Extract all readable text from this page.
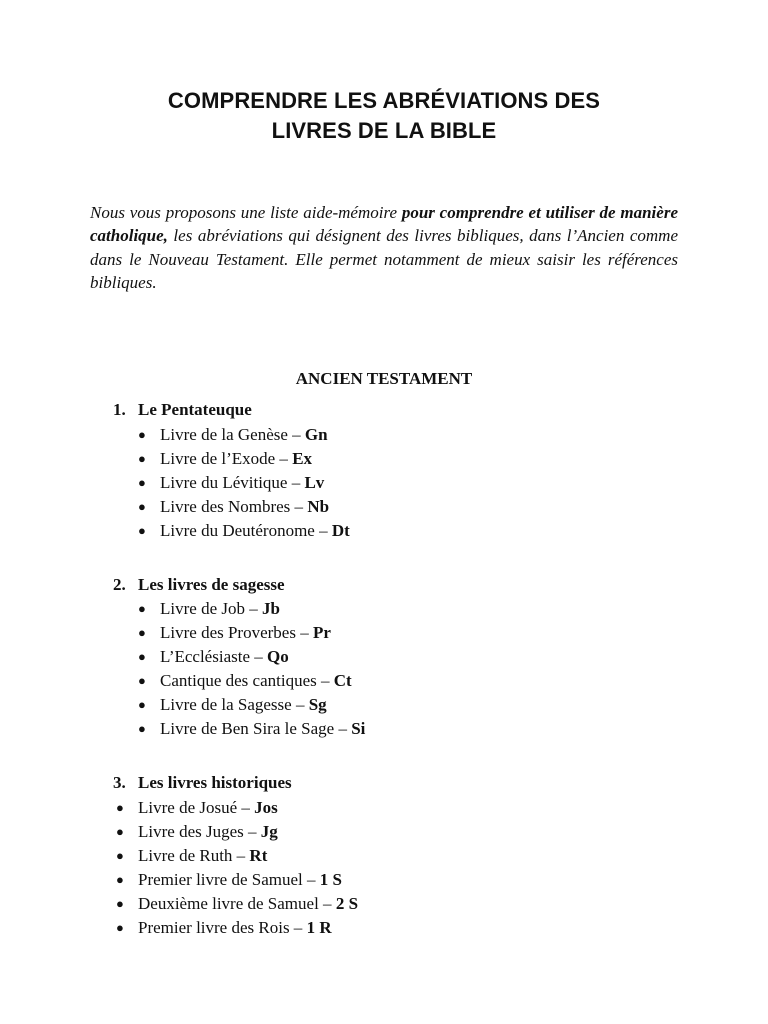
COMPRENDRE LES ABRÉVIATIONS DES
LIVRES DE LA BIBLE

Nous vous proposons une liste aide-mémoire pour comprendre et utiliser de manière catholique, les abréviations qui désignent des livres bibliques, dans l’Ancien comme dans le Nouveau Testament. Elle permet notamment de mieux saisir les références bibliques.

ANCIEN TESTAMENT
1. Le Pentateuque
● Livre de la Genèse – Gn
● Livre de l’Exode – Ex
● Livre du Lévitique – Lv
● Livre des Nombres – Nb
● Livre du Deutéronome – Dt
2. Les livres de sagesse
● Livre de Job – Jb
● Livre des Proverbes – Pr
● L’Ecclésiaste – Qo
● Cantique des cantiques – Ct
● Livre de la Sagesse – Sg
● Livre de Ben Sira le Sage – Si
3. Les livres historiques
● Livre de Josué – Jos
● Livre des Juges – Jg
● Livre de Ruth – Rt
● Premier livre de Samuel – 1 S
● Deuxième livre de Samuel – 2 S
● Premier livre des Rois – 1 R
